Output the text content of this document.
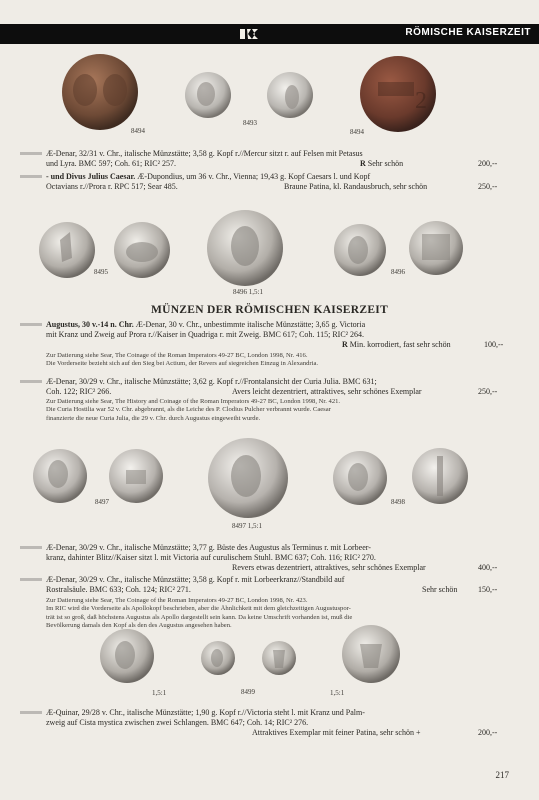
RÖMISCHE KAISERZEIT
2
8494
8493
8494
Æ-Denar, 32/31 v. Chr., italische Münzstätte; 3,58 g. Kopf r.//Mercur sitzt r. auf Felsen mit Petasus
und Lyra. BMC 597; Coh. 61; RIC² 257.	R Sehr schön	200,--
- und Divus Julius Caesar. Æ-Dupondius, um 36 v. Chr., Vienna; 19,43 g. Kopf Caesars l. und Kopf
Octavians r.//Prora r. RPC 517; Sear 485.	Braune Patina, kl. Randausbruch, sehr schön	250,--
8495
8496 1,5:1
8496
MÜNZEN DER RÖMISCHEN KAISERZEIT
Augustus, 30 v.-14 n. Chr. Æ-Denar, 30 v. Chr., unbestimmte italische Münzstätte; 3,65 g. Victoria
mit Kranz und Zweig auf Prora r.//Kaiser in Quadriga r. mit Zweig. BMC 617; Coh. 115; RIC² 264.
R Min. korrodiert, fast sehr schön	100,--
Zur Datierung siehe Sear, The Coinage of the Roman Imperators 49-27 BC, London 1998, Nr. 416.
Die Vorderseite bezieht sich auf den Sieg bei Actium, der Revers auf siegreichen Einzug in Alexandria.
Æ-Denar, 30/29 v. Chr., italische Münzstätte; 3,62 g. Kopf r.//Frontalansicht der Curia Julia. BMC 631;
Coh. 122; RIC² 266.	Avers leicht dezentriert, attraktives, sehr schönes Exemplar	250,--
Zur Datierung siehe Sear, The History and Coinage of the Roman Imperators 49-27 BC, London 1998, Nr. 421.
Die Curia Hostilia war 52 v. Chr. abgebrannt, als die Leiche des P. Clodius Pulcher verbrannt wurde. Caesar
finanzierte die neue Curia Julia, die 29 v. Chr. durch Augustus eingeweiht wurde.
8497
8497 1,5:1
8498
Æ-Denar, 30/29 v. Chr., italische Münzstätte; 3,77 g. Büste des Augustus als Terminus r. mit Lorbeer-
kranz, dahinter Blitz//Kaiser sitzt l. mit Victoria auf curulischem Stuhl. BMC 637; Coh. 116; RIC² 270.

Revers etwas dezentriert, attraktives, sehr schönes Exemplar	400,--
Æ-Denar, 30/29 v. Chr., italische Münzstätte; 3,58 g. Kopf r. mit Lorbeerkranz//Standbild auf
Rostralsäule. BMC 633; Coh. 124; RIC² 271.	Sehr schön	150,--
Zur Datierung siehe Sear, The Coinage of the Roman Imperators 49-27 BC, London 1998, Nr. 423.
Im RIC wird die Vorderseite als Apollokopf beschrieben, aber die Ähnlichkeit mit dem gleichzeitigen Augustuspor-
trät ist so groß, daß höchstens Augustus als Apollo dargestellt sein kann. Da keine Umschrift vorhanden ist, muß die
Bevölkerung damals den Kopf als den des Augustus angesehen haben.
1,5:1	8499	1,5:1
Æ-Quinar, 29/28 v. Chr., italische Münzstätte; 1,90 g. Kopf r.//Victoria steht l. mit Kranz und Palm-
zweig auf Cista mystica zwischen zwei Schlangen. BMC 647; Coh. 14; RIC² 276.

Attraktives Exemplar mit feiner Patina, sehr schön +	200,--
217
